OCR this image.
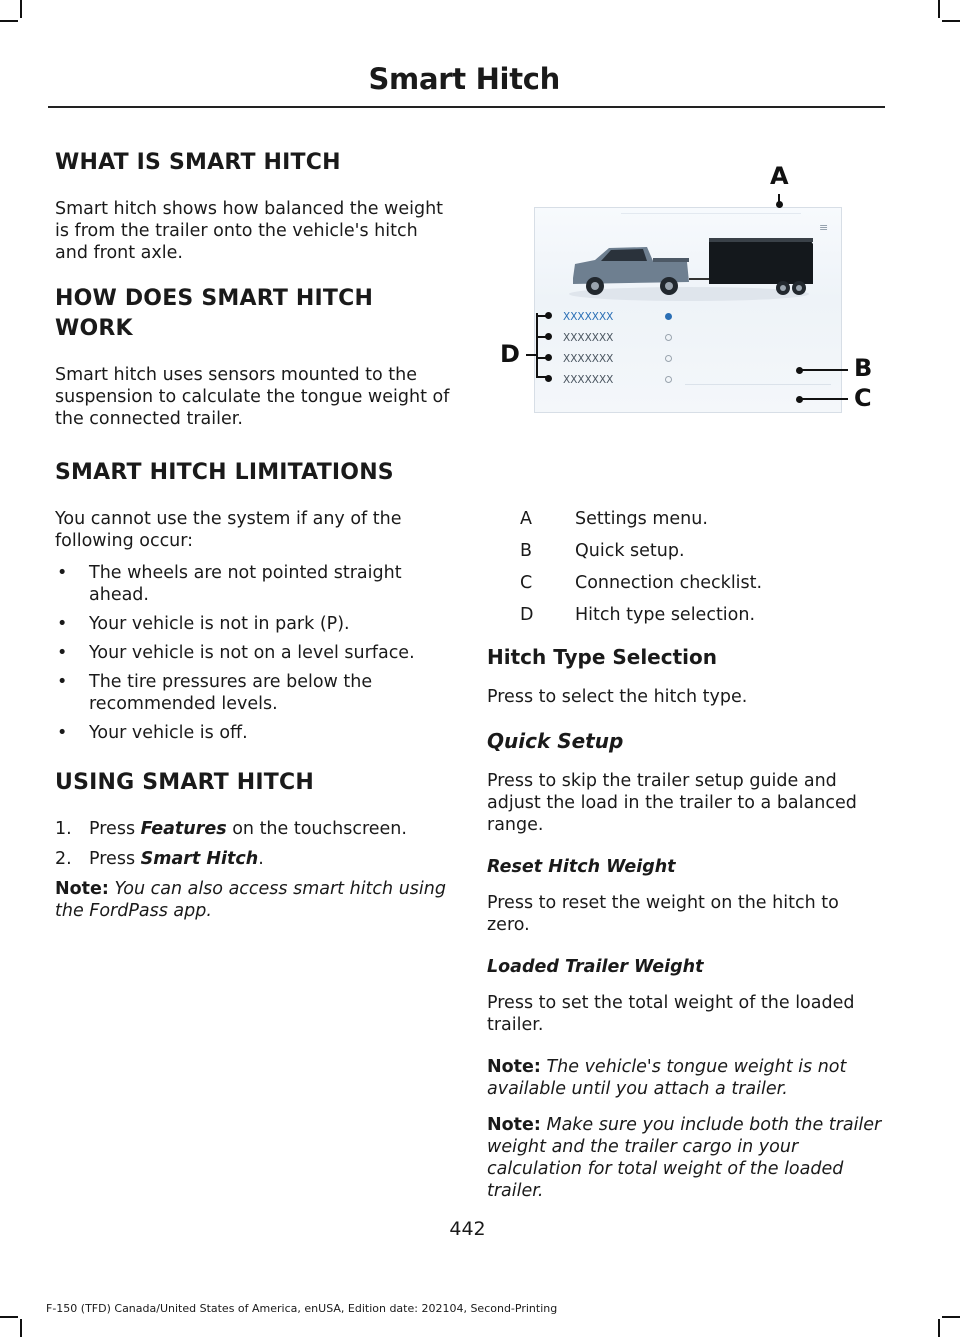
Smart Hitch
WHAT IS SMART HITCH

Smart hitch shows how balanced the weight is from the trailer onto the vehicle's hitch and front axle.

HOW DOES SMART HITCH WORK

Smart hitch uses sensors mounted to the suspension to calculate the tongue weight of the connected trailer.

SMART HITCH LIMITATIONS

You cannot use the system if any of the following occur:

• The wheels are not pointed straight ahead.
• Your vehicle is not in park (P).
• Your vehicle is not on a level surface.
• The tire pressures are below the recommended levels.
• Your vehicle is off.
USING SMART HITCH
1. Press Features on the touchscreen.
2. Press Smart Hitch.

Note: You can also access smart hitch using the FordPass app.

≡
XXXXXXX
XXXXXXX
XXXXXXX
XXXXXXX
A
D	B
C
A	Settings menu.
B	Quick setup.
C	Connection checklist.
D	Hitch type selection.
Hitch Type Selection

Press to select the hitch type.

Quick Setup

Press to skip the trailer setup guide and adjust the load in the trailer to a balanced range.

Reset Hitch Weight

Press to reset the weight on the hitch to zero.

Loaded Trailer Weight

Press to set the total weight of the loaded trailer.

Note: The vehicle's tongue weight is not available until you attach a trailer.

Note: Make sure you include both the trailer weight and the trailer cargo in your calculation for total weight of the loaded trailer.

442
F-150 (TFD) Canada/United States of America, enUSA, Edition date: 202104, Second-Printing
